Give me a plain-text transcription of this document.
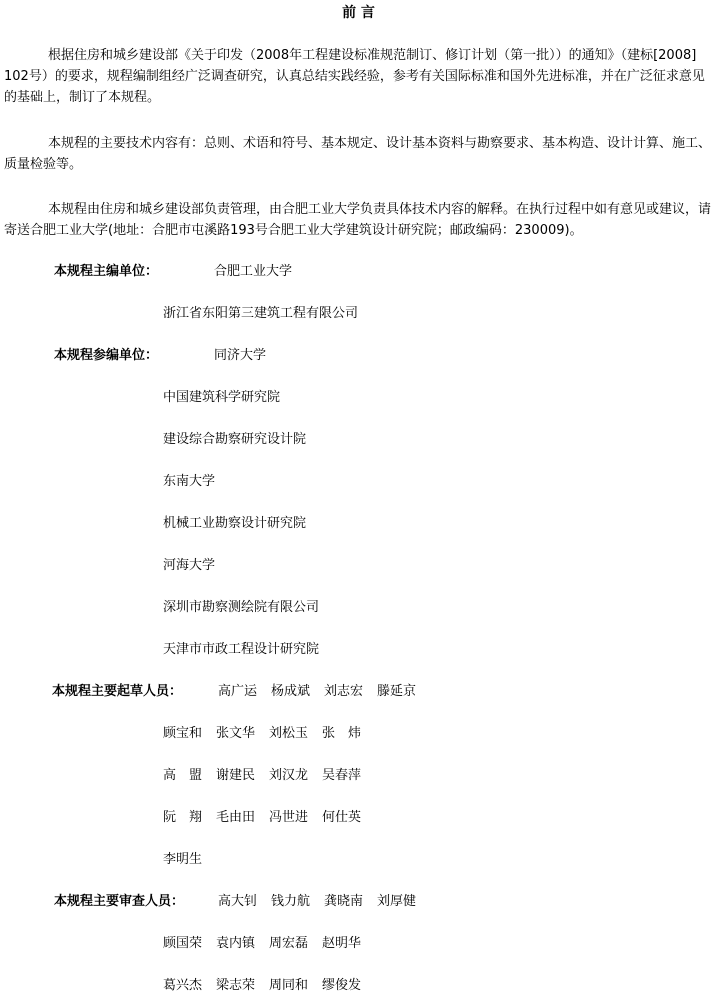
前 言

根据住房和城乡建设部《关于印发（2008年工程建设标准规范制订、修订计划（第一批））的通知》（建标[2008] 102号）的要求，规程编制组经广泛调查研究，认真总结实践经验，参考有关国际标准和国外先进标准，并在广泛征求意见的基础上，制订了本规程。

本规程的主要技术内容有：总则、术语和符号、基本规定、设计基本资料与勘察要求、基本构造、设计计算、施工、质量检验等。

本规程由住房和城乡建设部负责管理，由合肥工业大学负责具体技术内容的解释。在执行过程中如有意见或建议，请寄送合肥工业大学(地址：合肥市屯溪路193号合肥工业大学建筑设计研究院；邮政编码：230009)。

本规程主编单位：	合肥工业大学
浙江省东阳第三建筑工程有限公司
本规程参编单位：	同济大学
中国建筑科学研究院
建设综合勘察研究设计院
东南大学
机械工业勘察设计研究院
河海大学
深圳市勘察测绘院有限公司
天津市市政工程设计研究院
本规程主要起草人员：	高广运 杨成斌 刘志宏 滕延京
顾宝和 张文华 刘松玉 张　炜
高　盟 谢建民 刘汉龙 吴春萍
阮　翔 毛由田 冯世进 何仕英
李明生
本规程主要审查人员：	高大钊 钱力航 龚晓南 刘厚健
顾国荣 袁内镇 周宏磊 赵明华
葛兴杰 梁志荣 周同和 缪俊发
